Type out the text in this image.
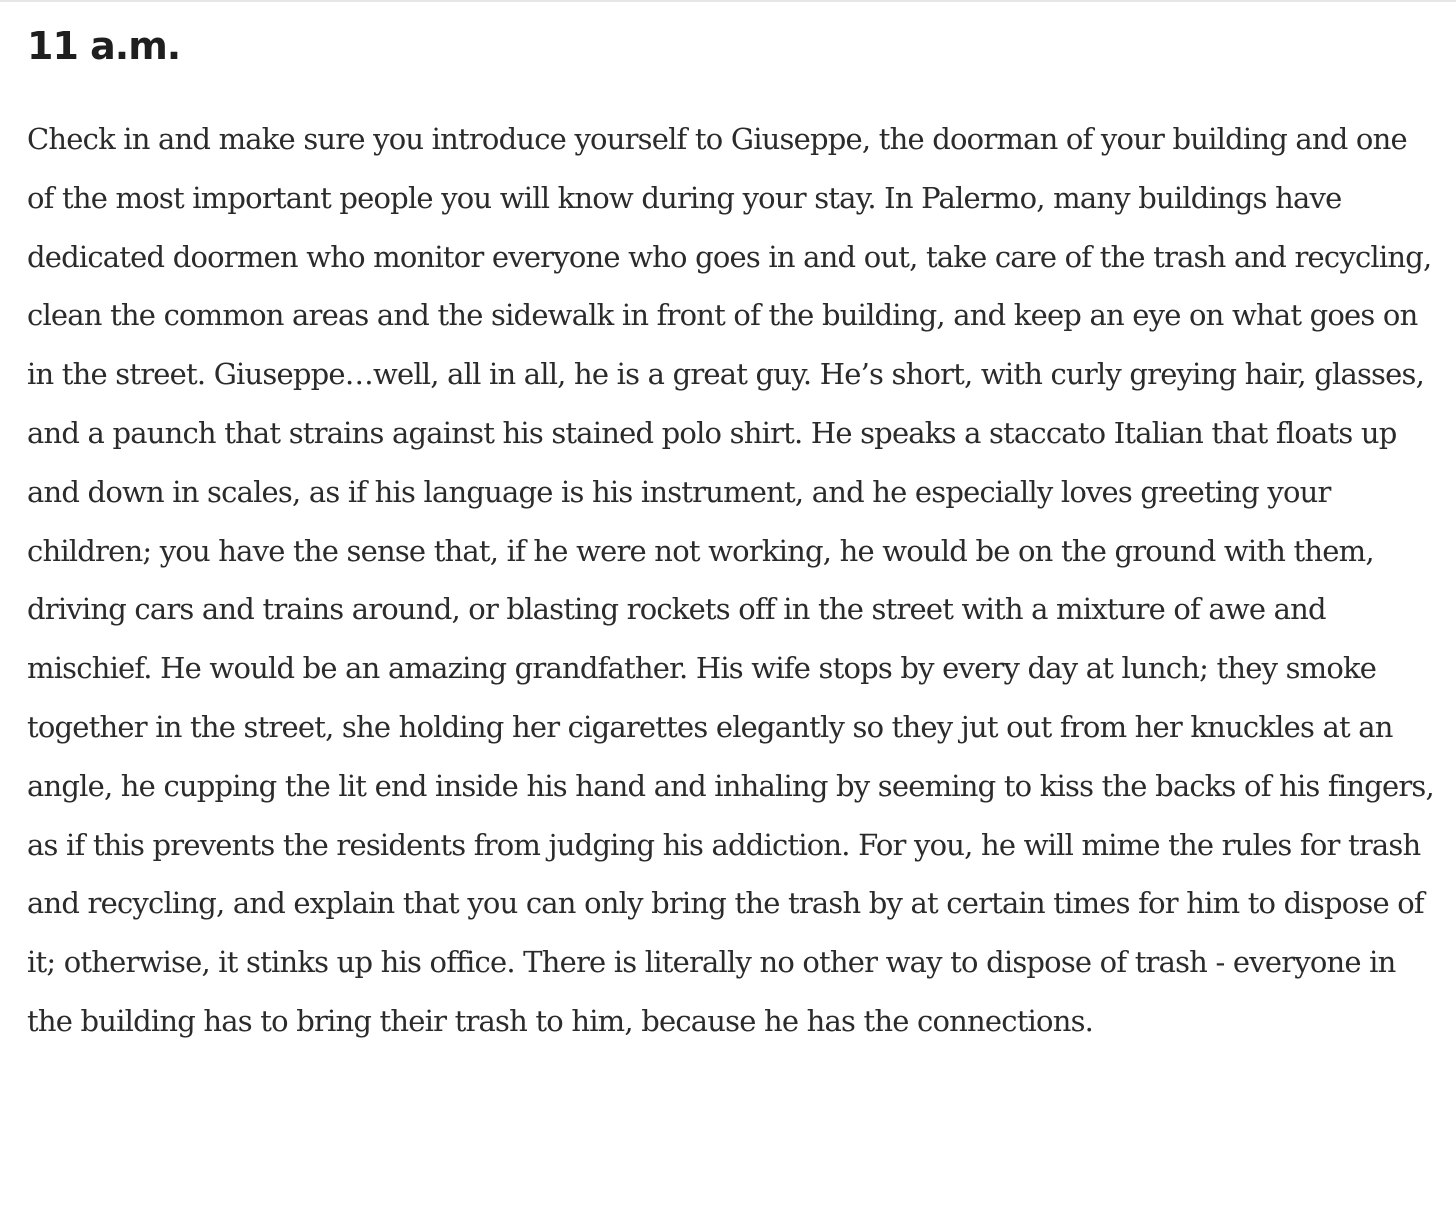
11 a.m.

Check in and make sure you introduce yourself to Giuseppe, the doorman of your building and one of the most important people you will know during your stay. In Palermo, many buildings have dedicated doormen who monitor everyone who goes in and out, take care of the trash and recycling, clean the common areas and the sidewalk in front of the building, and keep an eye on what goes on in the street. Giuseppe…well, all in all, he is a great guy. He’s short, with curly greying hair, glasses, and a paunch that strains against his stained polo shirt. He speaks a staccato Italian that floats up and down in scales, as if his language is his instrument, and he especially loves greeting your children; you have the sense that, if he were not working, he would be on the ground with them, driving cars and trains around, or blasting rockets off in the street with a mixture of awe and mischief. He would be an amazing grandfather. His wife stops by every day at lunch; they smoke together in the street, she holding her cigarettes elegantly so they jut out from her knuckles at an angle, he cupping the lit end inside his hand and inhaling by seeming to kiss the backs of his fingers, as if this prevents the residents from judging his addiction. For you, he will mime the rules for trash and recycling, and explain that you can only bring the trash by at certain times for him to dispose of it; otherwise, it stinks up his office. There is literally no other way to dispose of trash - everyone in the building has to bring their trash to him, because he has the connections.
